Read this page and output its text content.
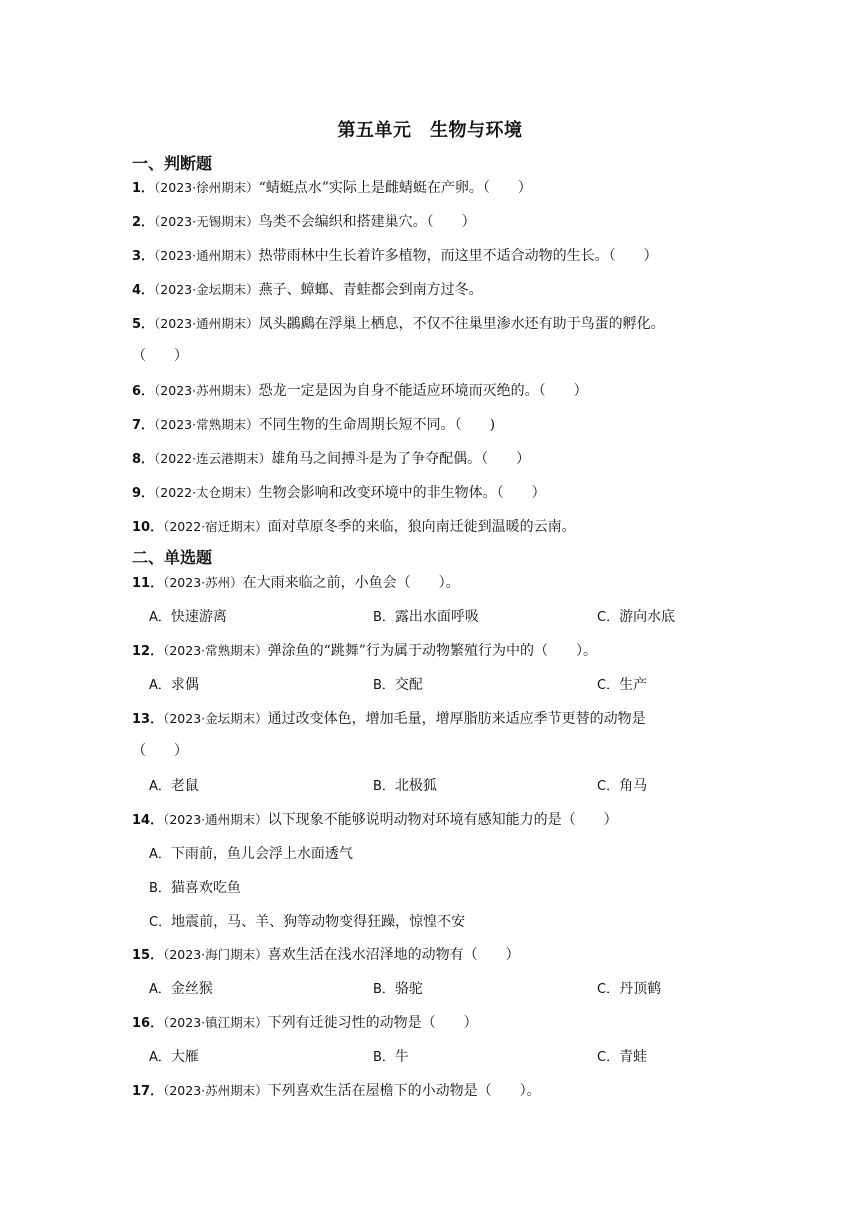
第五单元　生物与环境
一、判断题
1．（2023·徐州期末）“蜻蜓点水”实际上是雌蜻蜓在产卵。（　　）
2．（2023·无锡期末）鸟类不会编织和搭建巢穴。（　　）
3．（2023·通州期末）热带雨林中生长着许多植物，而这里不适合动物的生长。（　　）
4．（2023·金坛期末）燕子、蟑螂、青蛙都会到南方过冬。
5．（2023·通州期末）凤头鸊鷉在浮巢上栖息，不仅不往巢里渗水还有助于鸟蛋的孵化。
（　　）
6．（2023·苏州期末）恐龙一定是因为自身不能适应环境而灭绝的。（　　）
7．（2023·常熟期末）不同生物的生命周期长短不同。（　　)
8．（2022·连云港期末）雄角马之间搏斗是为了争夺配偶。（　　）
9．（2022·太仓期末）生物会影响和改变环境中的非生物体。（　　）
10．（2022·宿迁期末）面对草原冬季的来临，狼向南迁徙到温暖的云南。
二、单选题
11．（2023·苏州）在大雨来临之前，小鱼会（　　）。
A．快速游离	B．露出水面呼吸	C．游向水底
12．（2023·常熟期末）弹涂鱼的“跳舞”行为属于动物繁殖行为中的（　　）。
A．求偶	B．交配	C．生产
13．（2023·金坛期末）通过改变体色，增加毛量，增厚脂肪来适应季节更替的动物是
（　　）
A．老鼠	B．北极狐	C．角马
14．（2023·通州期末）以下现象不能够说明动物对环境有感知能力的是（　　）
A．下雨前，鱼儿会浮上水面透气
B．猫喜欢吃鱼
C．地震前，马、羊、狗等动物变得狂躁，惊惶不安
15．（2023·海门期末）喜欢生活在浅水沼泽地的动物有（　　）
A．金丝猴	B．骆驼	C．丹顶鹤
16．（2023·镇江期末）下列有迁徙习性的动物是（　　）
A．大雁	B．牛	C．青蛙
17．（2023·苏州期末）下列喜欢生活在屋檐下的小动物是（　　）。
